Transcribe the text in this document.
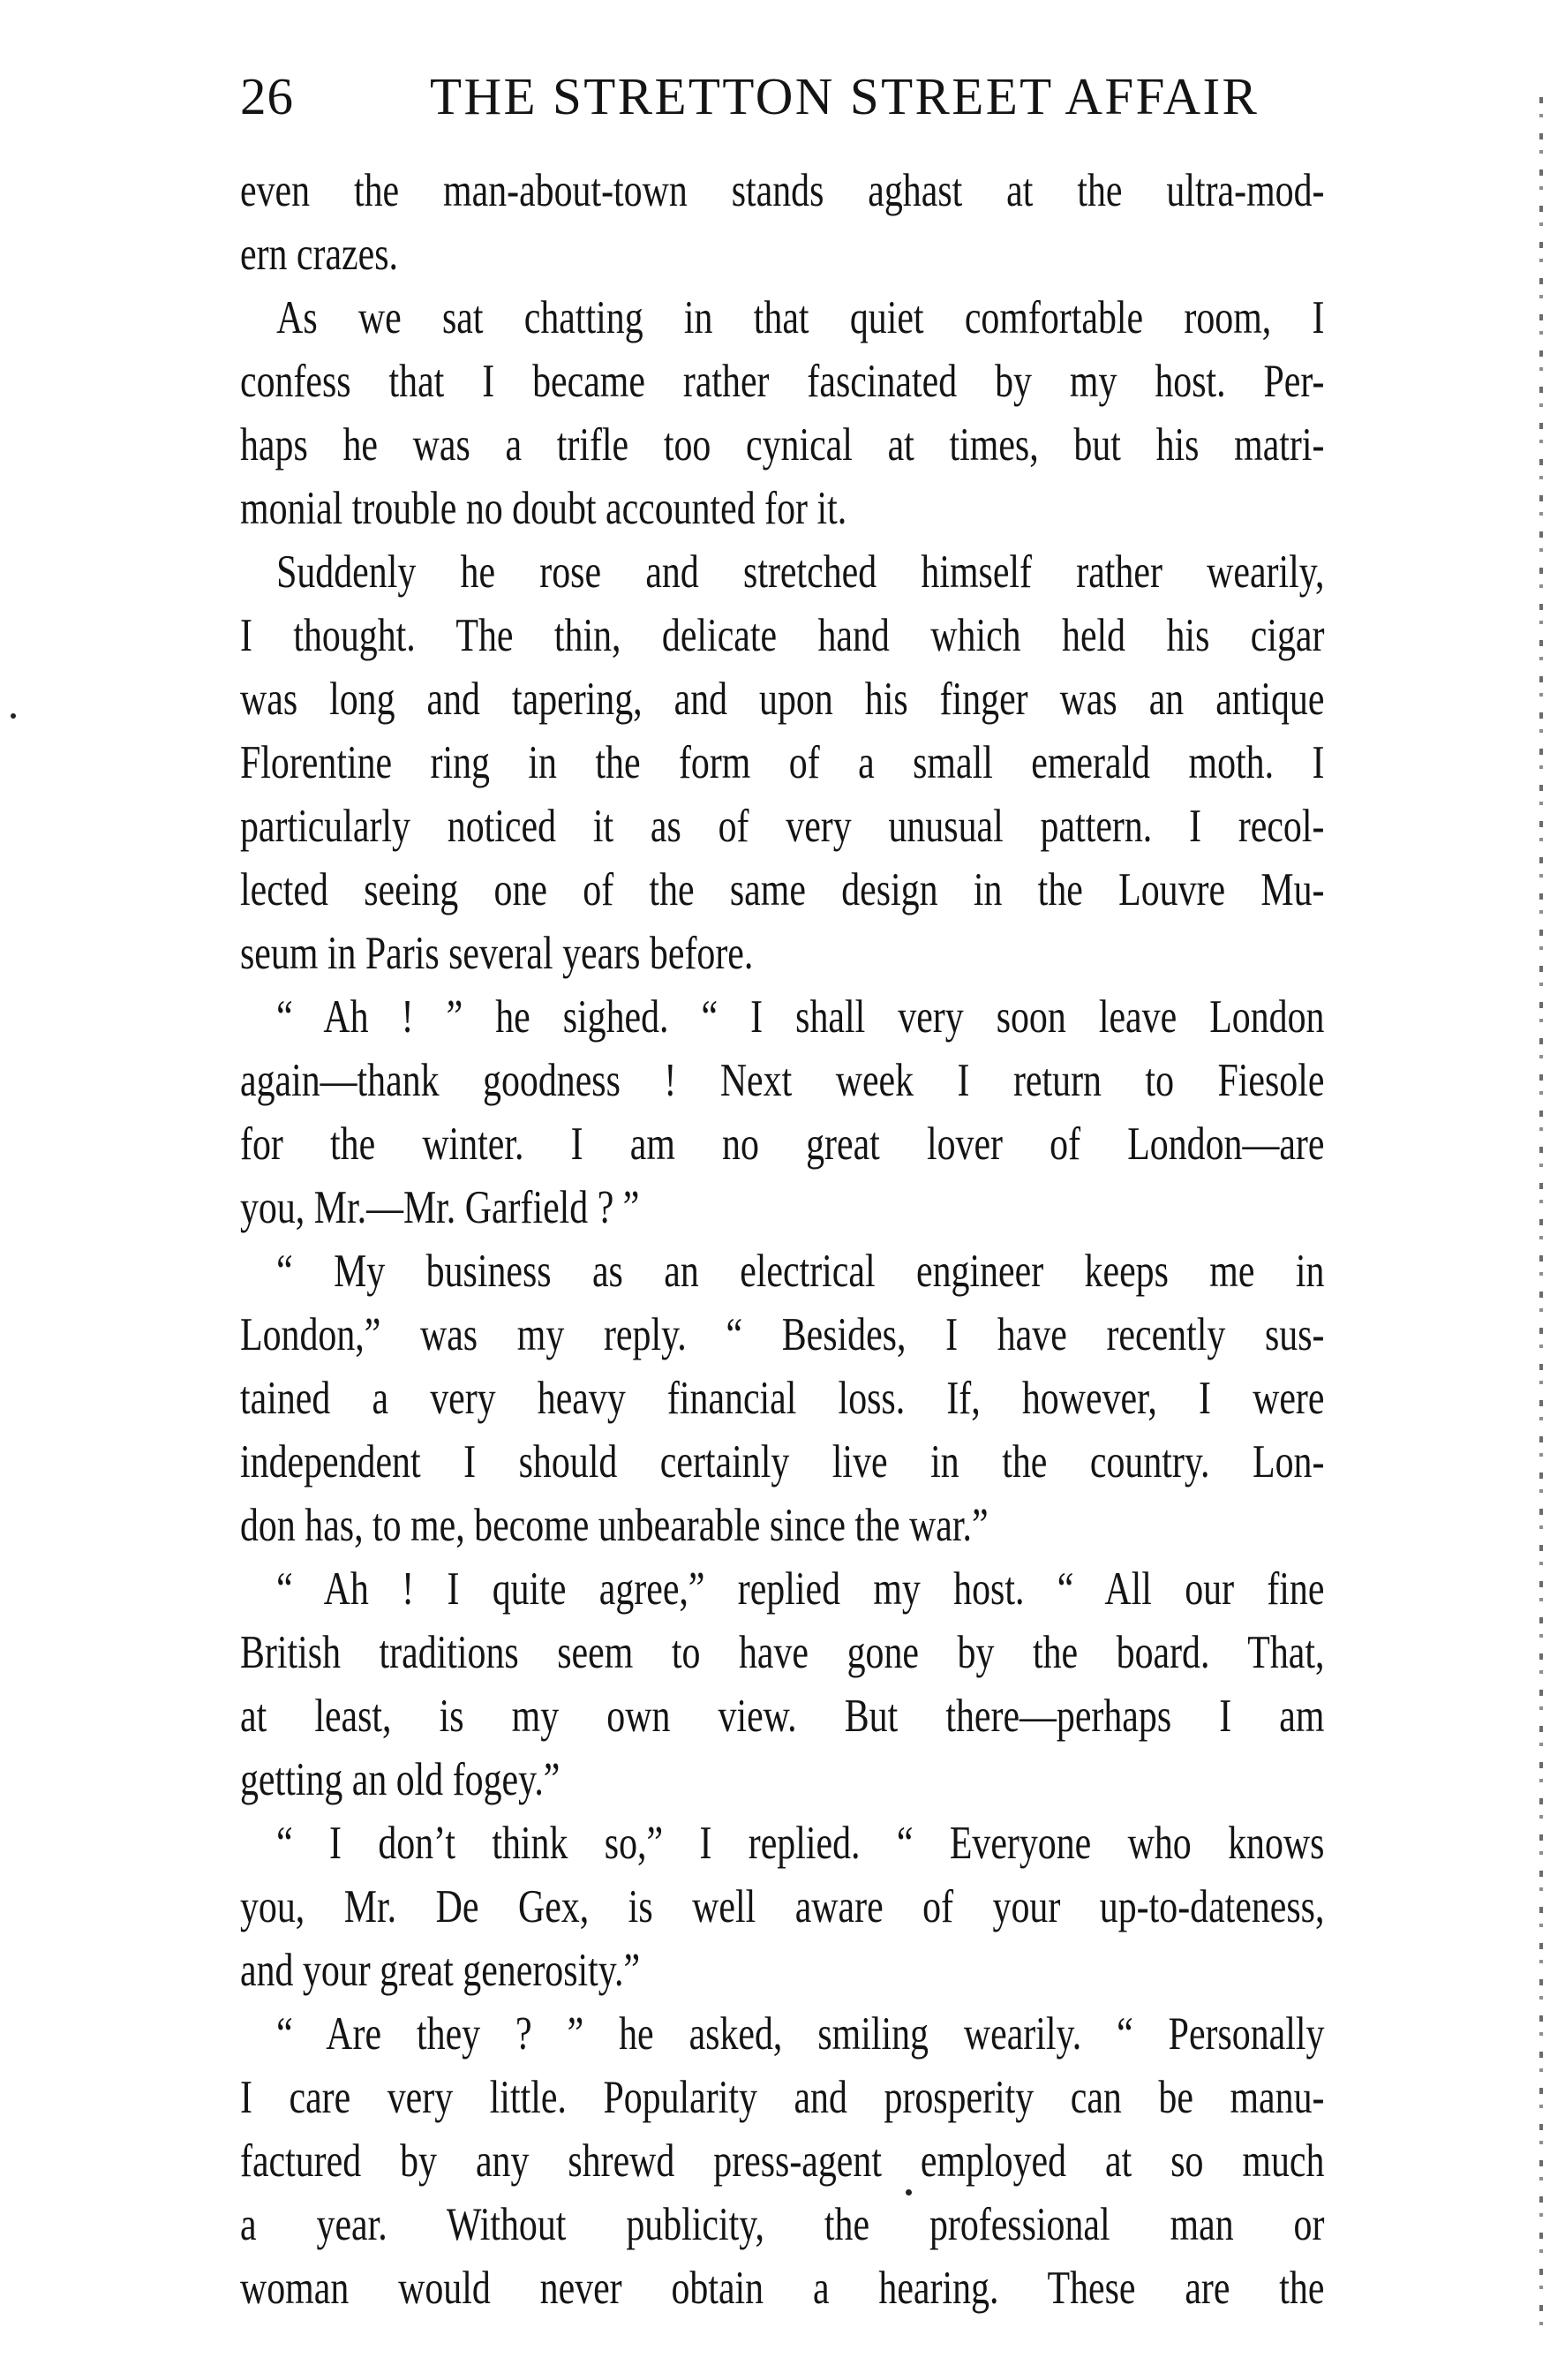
26	THE STRETTON STREET AFFAIR
even the man-about-town stands aghast at the ultra-mod-
ern crazes.
As we sat chatting in that quiet comfortable room, I
confess that I became rather fascinated by my host. Per-
haps he was a trifle too cynical at times, but his matri-
monial trouble no doubt accounted for it.
Suddenly he rose and stretched himself rather wearily,
I thought. The thin, delicate hand which held his cigar
was long and tapering, and upon his finger was an antique
Florentine ring in the form of a small emerald moth. I
particularly noticed it as of very unusual pattern. I recol-
lected seeing one of the same design in the Louvre Mu-
seum in Paris several years before.
“ Ah ! ” he sighed. “ I shall very soon leave London
again—thank goodness ! Next week I return to Fiesole
for the winter. I am no great lover of London—are
you, Mr.—Mr. Garfield ? ”
“ My business as an electrical engineer keeps me in
London,” was my reply. “ Besides, I have recently sus-
tained a very heavy financial loss. If, however, I were
independent I should certainly live in the country. Lon-
don has, to me, become unbearable since the war.”
“ Ah ! I quite agree,” replied my host. “ All our fine
British traditions seem to have gone by the board. That,
at least, is my own view. But there—perhaps I am
getting an old fogey.”
“ I don’t think so,” I replied. “ Everyone who knows
you, Mr. De Gex, is well aware of your up-to-dateness,
and your great generosity.”
“ Are they ? ” he asked, smiling wearily. “ Personally
I care very little. Popularity and prosperity can be manu-
factured by any shrewd press-agent employed at so much
a year. Without publicity, the professional man or
woman would never obtain a hearing. These are the
